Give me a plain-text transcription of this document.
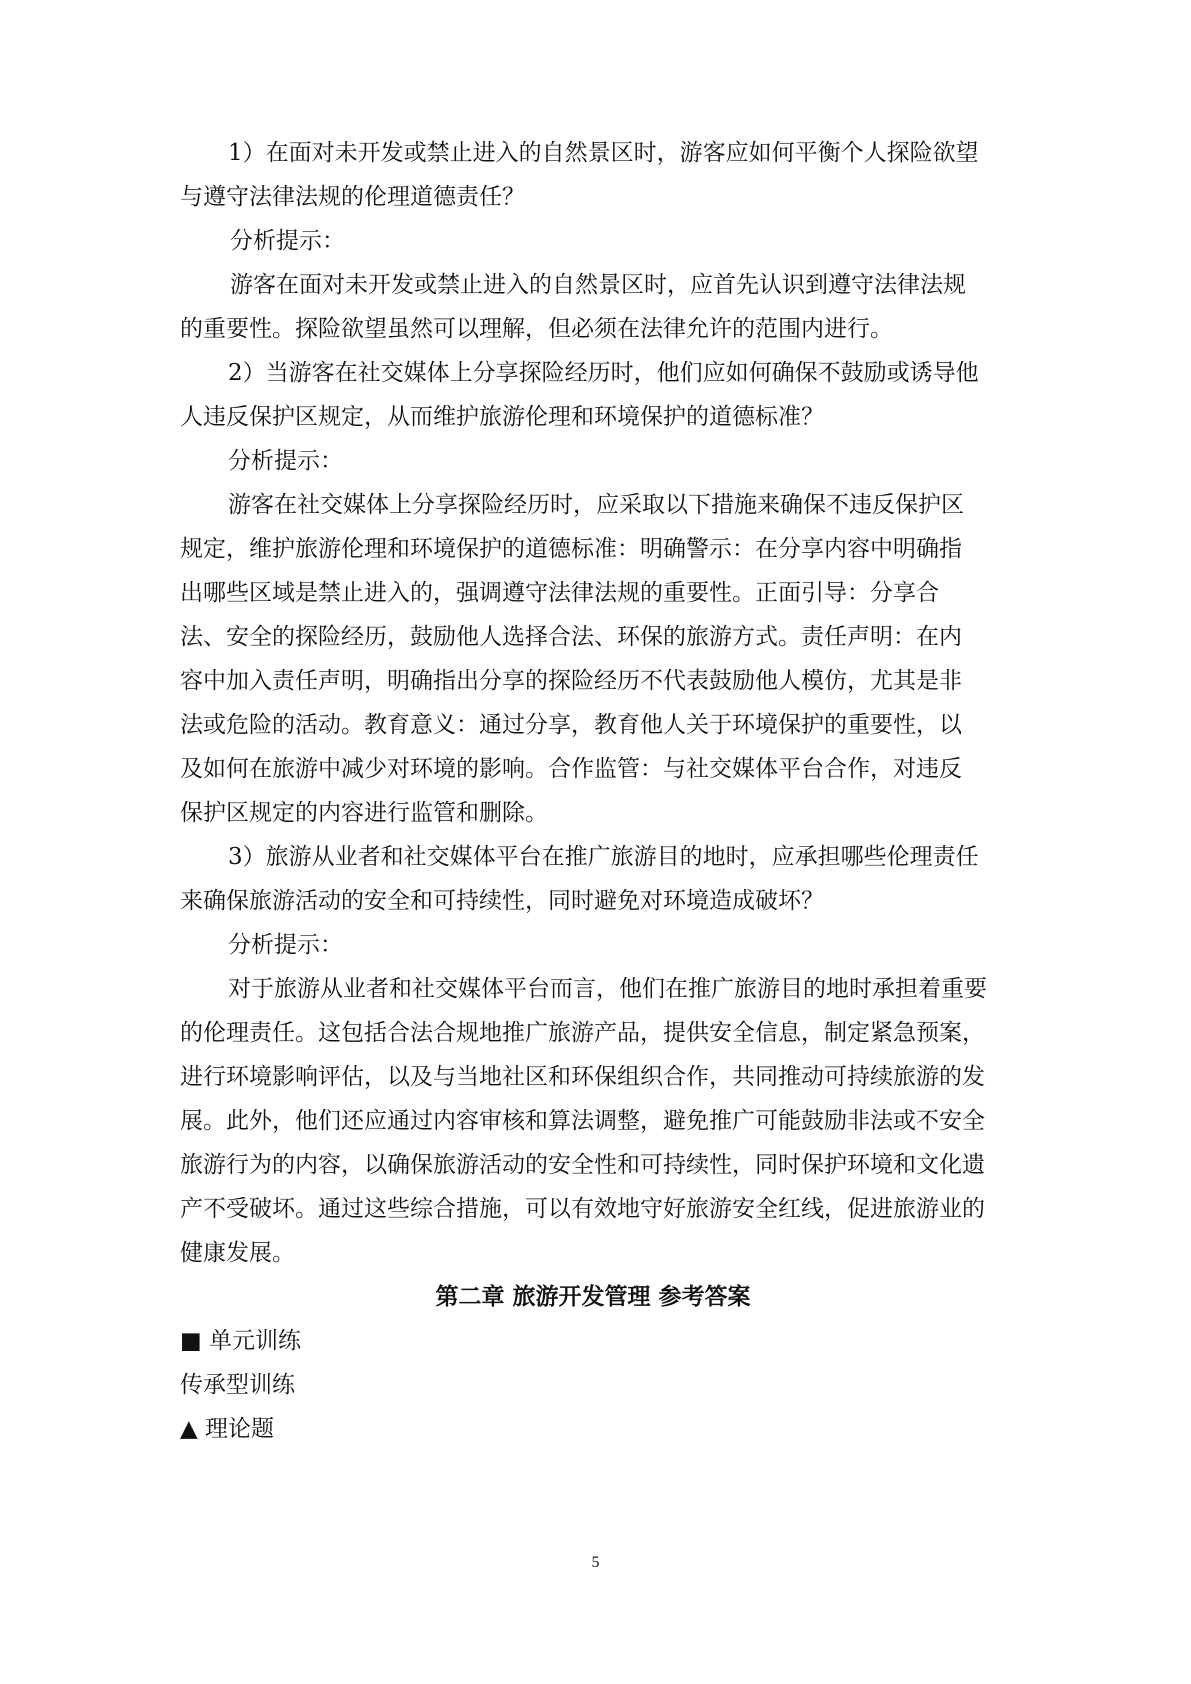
1）在面对未开发或禁止进入的自然景区时，游客应如何平衡个人探险欲望
与遵守法律法规的伦理道德责任？
分析提示：
游客在面对未开发或禁止进入的自然景区时，应首先认识到遵守法律法规
的重要性。探险欲望虽然可以理解，但必须在法律允许的范围内进行。
2）当游客在社交媒体上分享探险经历时，他们应如何确保不鼓励或诱导他
人违反保护区规定，从而维护旅游伦理和环境保护的道德标准？
分析提示：
游客在社交媒体上分享探险经历时，应采取以下措施来确保不违反保护区
规定，维护旅游伦理和环境保护的道德标准：明确警示：在分享内容中明确指
出哪些区域是禁止进入的，强调遵守法律法规的重要性。正面引导：分享合
法、安全的探险经历，鼓励他人选择合法、环保的旅游方式。责任声明：在内
容中加入责任声明，明确指出分享的探险经历不代表鼓励他人模仿，尤其是非
法或危险的活动。教育意义：通过分享，教育他人关于环境保护的重要性，以
及如何在旅游中减少对环境的影响。合作监管：与社交媒体平台合作，对违反
保护区规定的内容进行监管和删除。
3）旅游从业者和社交媒体平台在推广旅游目的地时，应承担哪些伦理责任
来确保旅游活动的安全和可持续性，同时避免对环境造成破坏？
分析提示：
对于旅游从业者和社交媒体平台而言，他们在推广旅游目的地时承担着重要
的伦理责任。这包括合法合规地推广旅游产品，提供安全信息，制定紧急预案，
进行环境影响评估，以及与当地社区和环保组织合作，共同推动可持续旅游的发
展。此外，他们还应通过内容审核和算法调整，避免推广可能鼓励非法或不安全
旅游行为的内容，以确保旅游活动的安全性和可持续性，同时保护环境和文化遗
产不受破坏。通过这些综合措施，可以有效地守好旅游安全红线，促进旅游业的
健康发展。
第二章 旅游开发管理 参考答案
■ 单元训练
传承型训练
▲ 理论题
5
